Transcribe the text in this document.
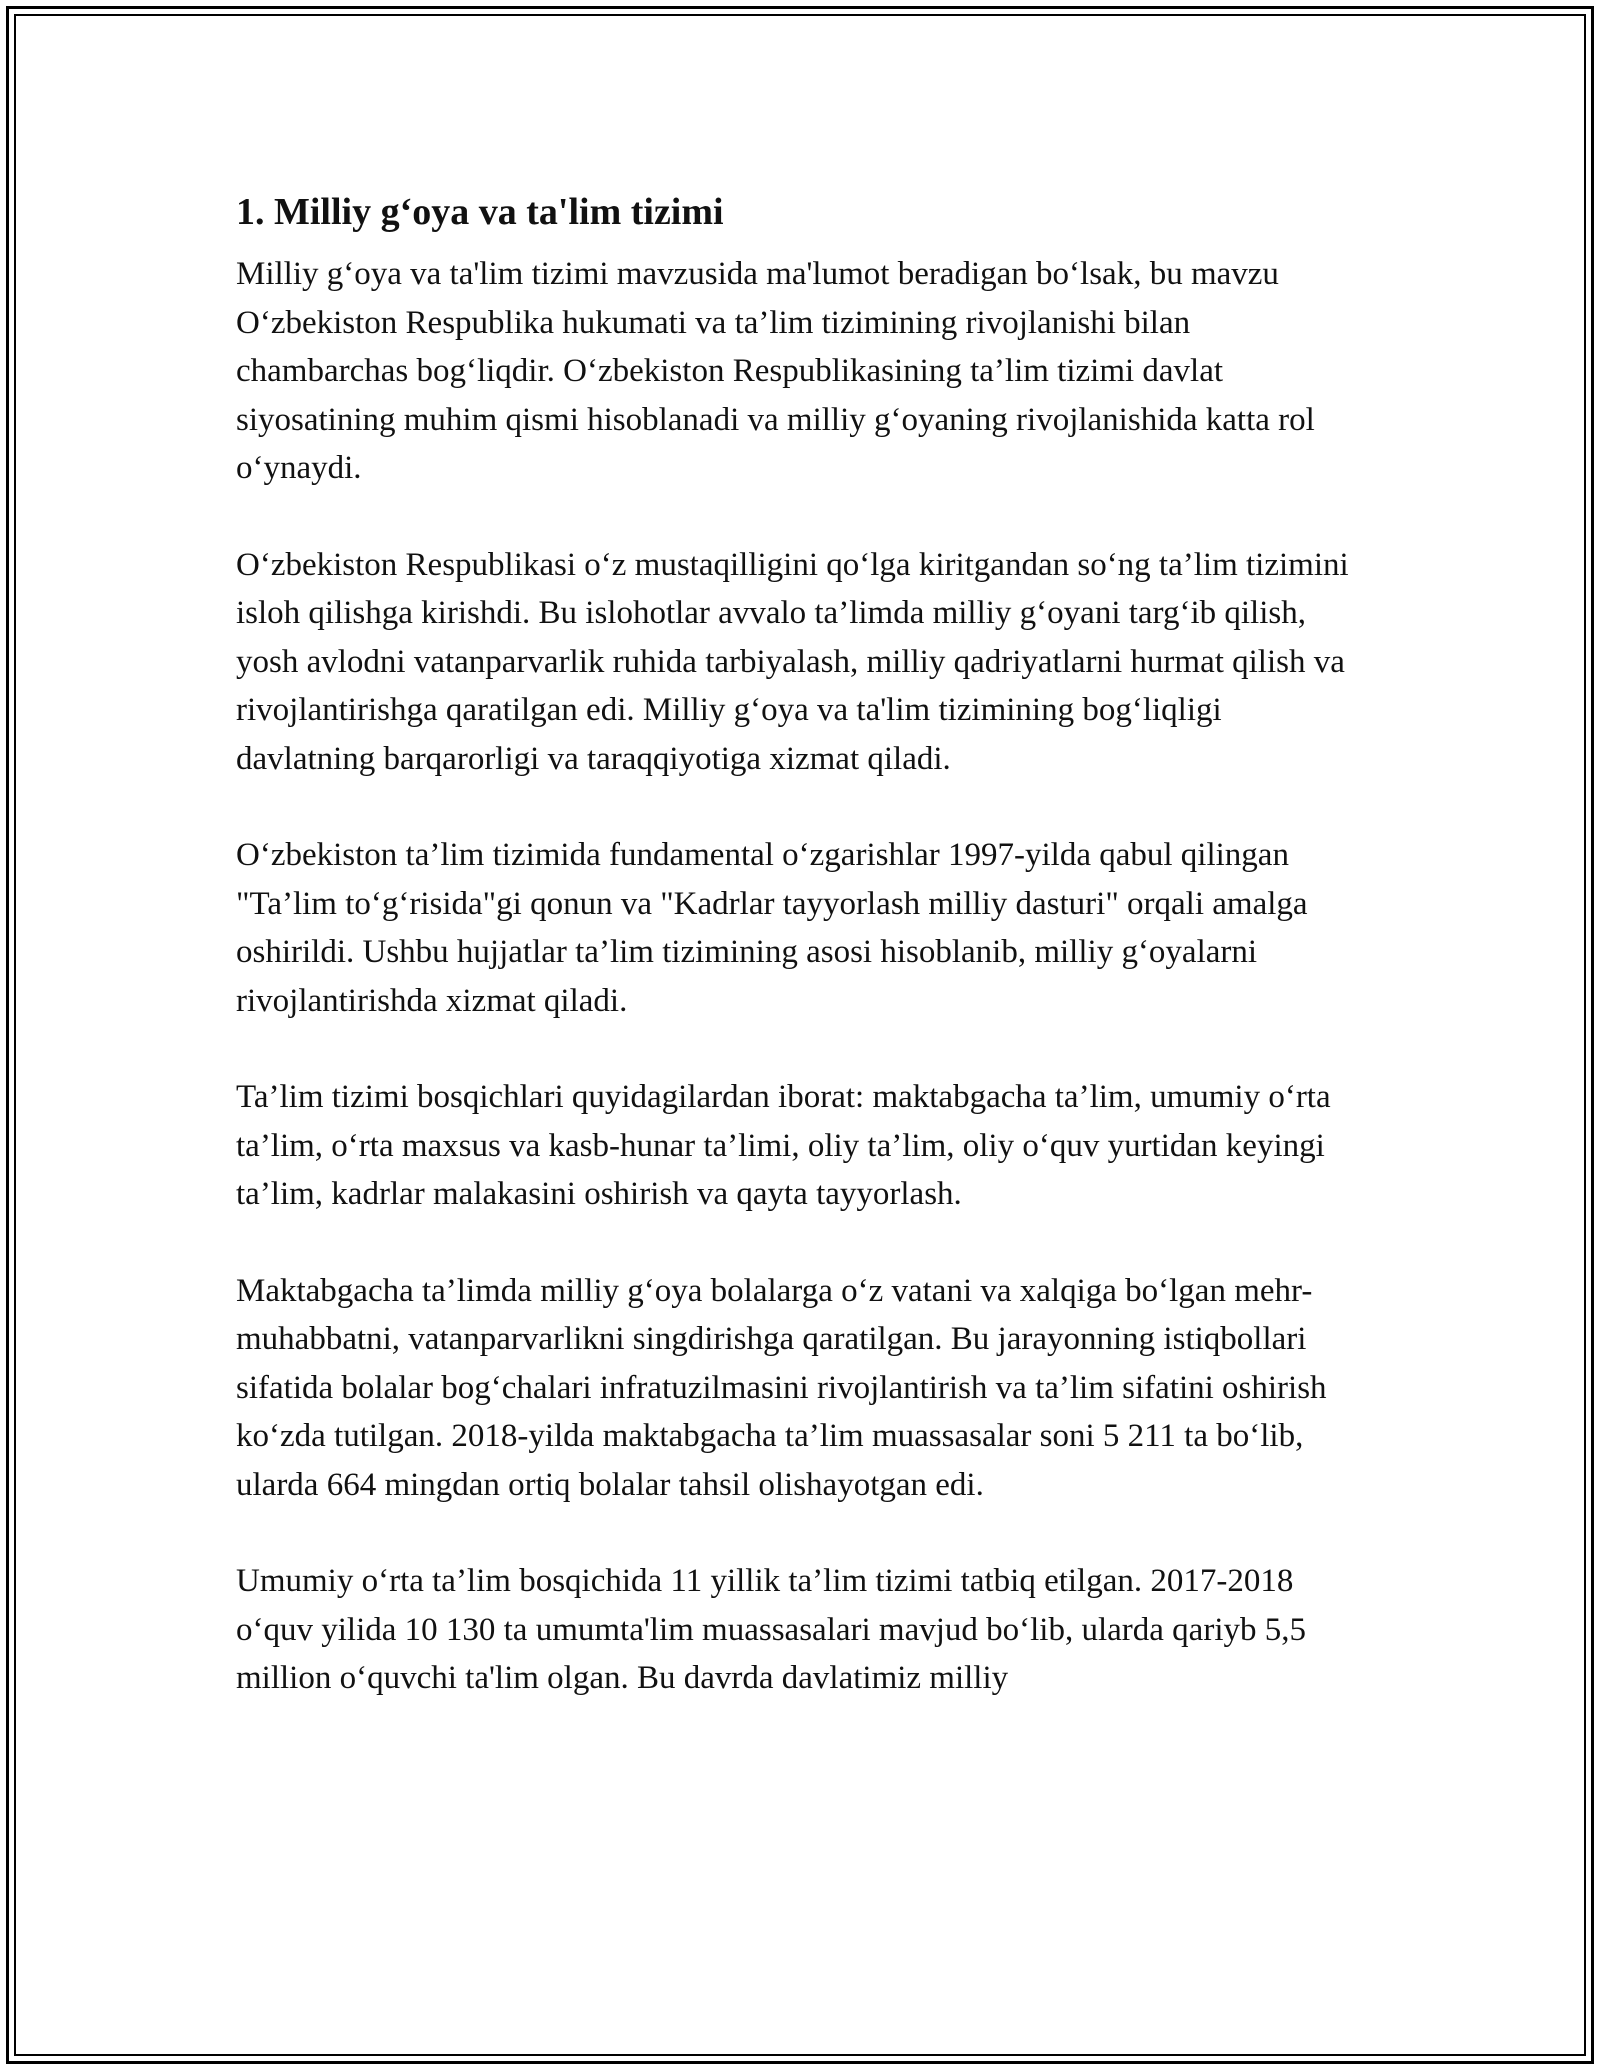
1. Milliy g‘oya va ta'lim tizimi

Milliy g‘oya va ta'lim tizimi mavzusida ma'lumot beradigan bo‘lsak, bu mavzu O‘zbekiston Respublika hukumati va ta’lim tizimining rivojlanishi bilan chambarchas bog‘liqdir. O‘zbekiston Respublikasining ta’lim tizimi davlat siyosatining muhim qismi hisoblanadi va milliy g‘oyaning rivojlanishida katta rol o‘ynaydi.

O‘zbekiston Respublikasi o‘z mustaqilligini qo‘lga kiritgandan so‘ng ta’lim tizimini isloh qilishga kirishdi. Bu islohotlar avvalo ta’limda milliy g‘oyani targ‘ib qilish, yosh avlodni vatanparvarlik ruhida tarbiyalash, milliy qadriyatlarni hurmat qilish va rivojlantirishga qaratilgan edi. Milliy g‘oya va ta'lim tizimining bog‘liqligi davlatning barqarorligi va taraqqiyotiga xizmat qiladi.

O‘zbekiston ta’lim tizimida fundamental o‘zgarishlar 1997-yilda qabul qilingan "Ta’lim to‘g‘risida"gi qonun va "Kadrlar tayyorlash milliy dasturi" orqali amalga oshirildi. Ushbu hujjatlar ta’lim tizimining asosi hisoblanib, milliy g‘oyalarni rivojlantirishda xizmat qiladi.

Ta’lim tizimi bosqichlari quyidagilardan iborat: maktabgacha ta’lim, umumiy o‘rta ta’lim, o‘rta maxsus va kasb-hunar ta’limi, oliy ta’lim, oliy o‘quv yurtidan keyingi ta’lim, kadrlar malakasini oshirish va qayta tayyorlash.

Maktabgacha ta’limda milliy g‘oya bolalarga o‘z vatani va xalqiga bo‘lgan mehr-muhabbatni, vatanparvarlikni singdirishga qaratilgan. Bu jarayonning istiqbollari sifatida bolalar bog‘chalari infratuzilmasini rivojlantirish va ta’lim sifatini oshirish ko‘zda tutilgan. 2018-yilda maktabgacha ta’lim muassasalar soni 5 211 ta bo‘lib, ularda 664 mingdan ortiq bolalar tahsil olishayotgan edi.

Umumiy o‘rta ta’lim bosqichida 11 yillik ta’lim tizimi tatbiq etilgan. 2017-2018 o‘quv yilida 10 130 ta umumta'lim muassasalari mavjud bo‘lib, ularda qariyb 5,5 million o‘quvchi ta'lim olgan. Bu davrda davlatimiz milliy
